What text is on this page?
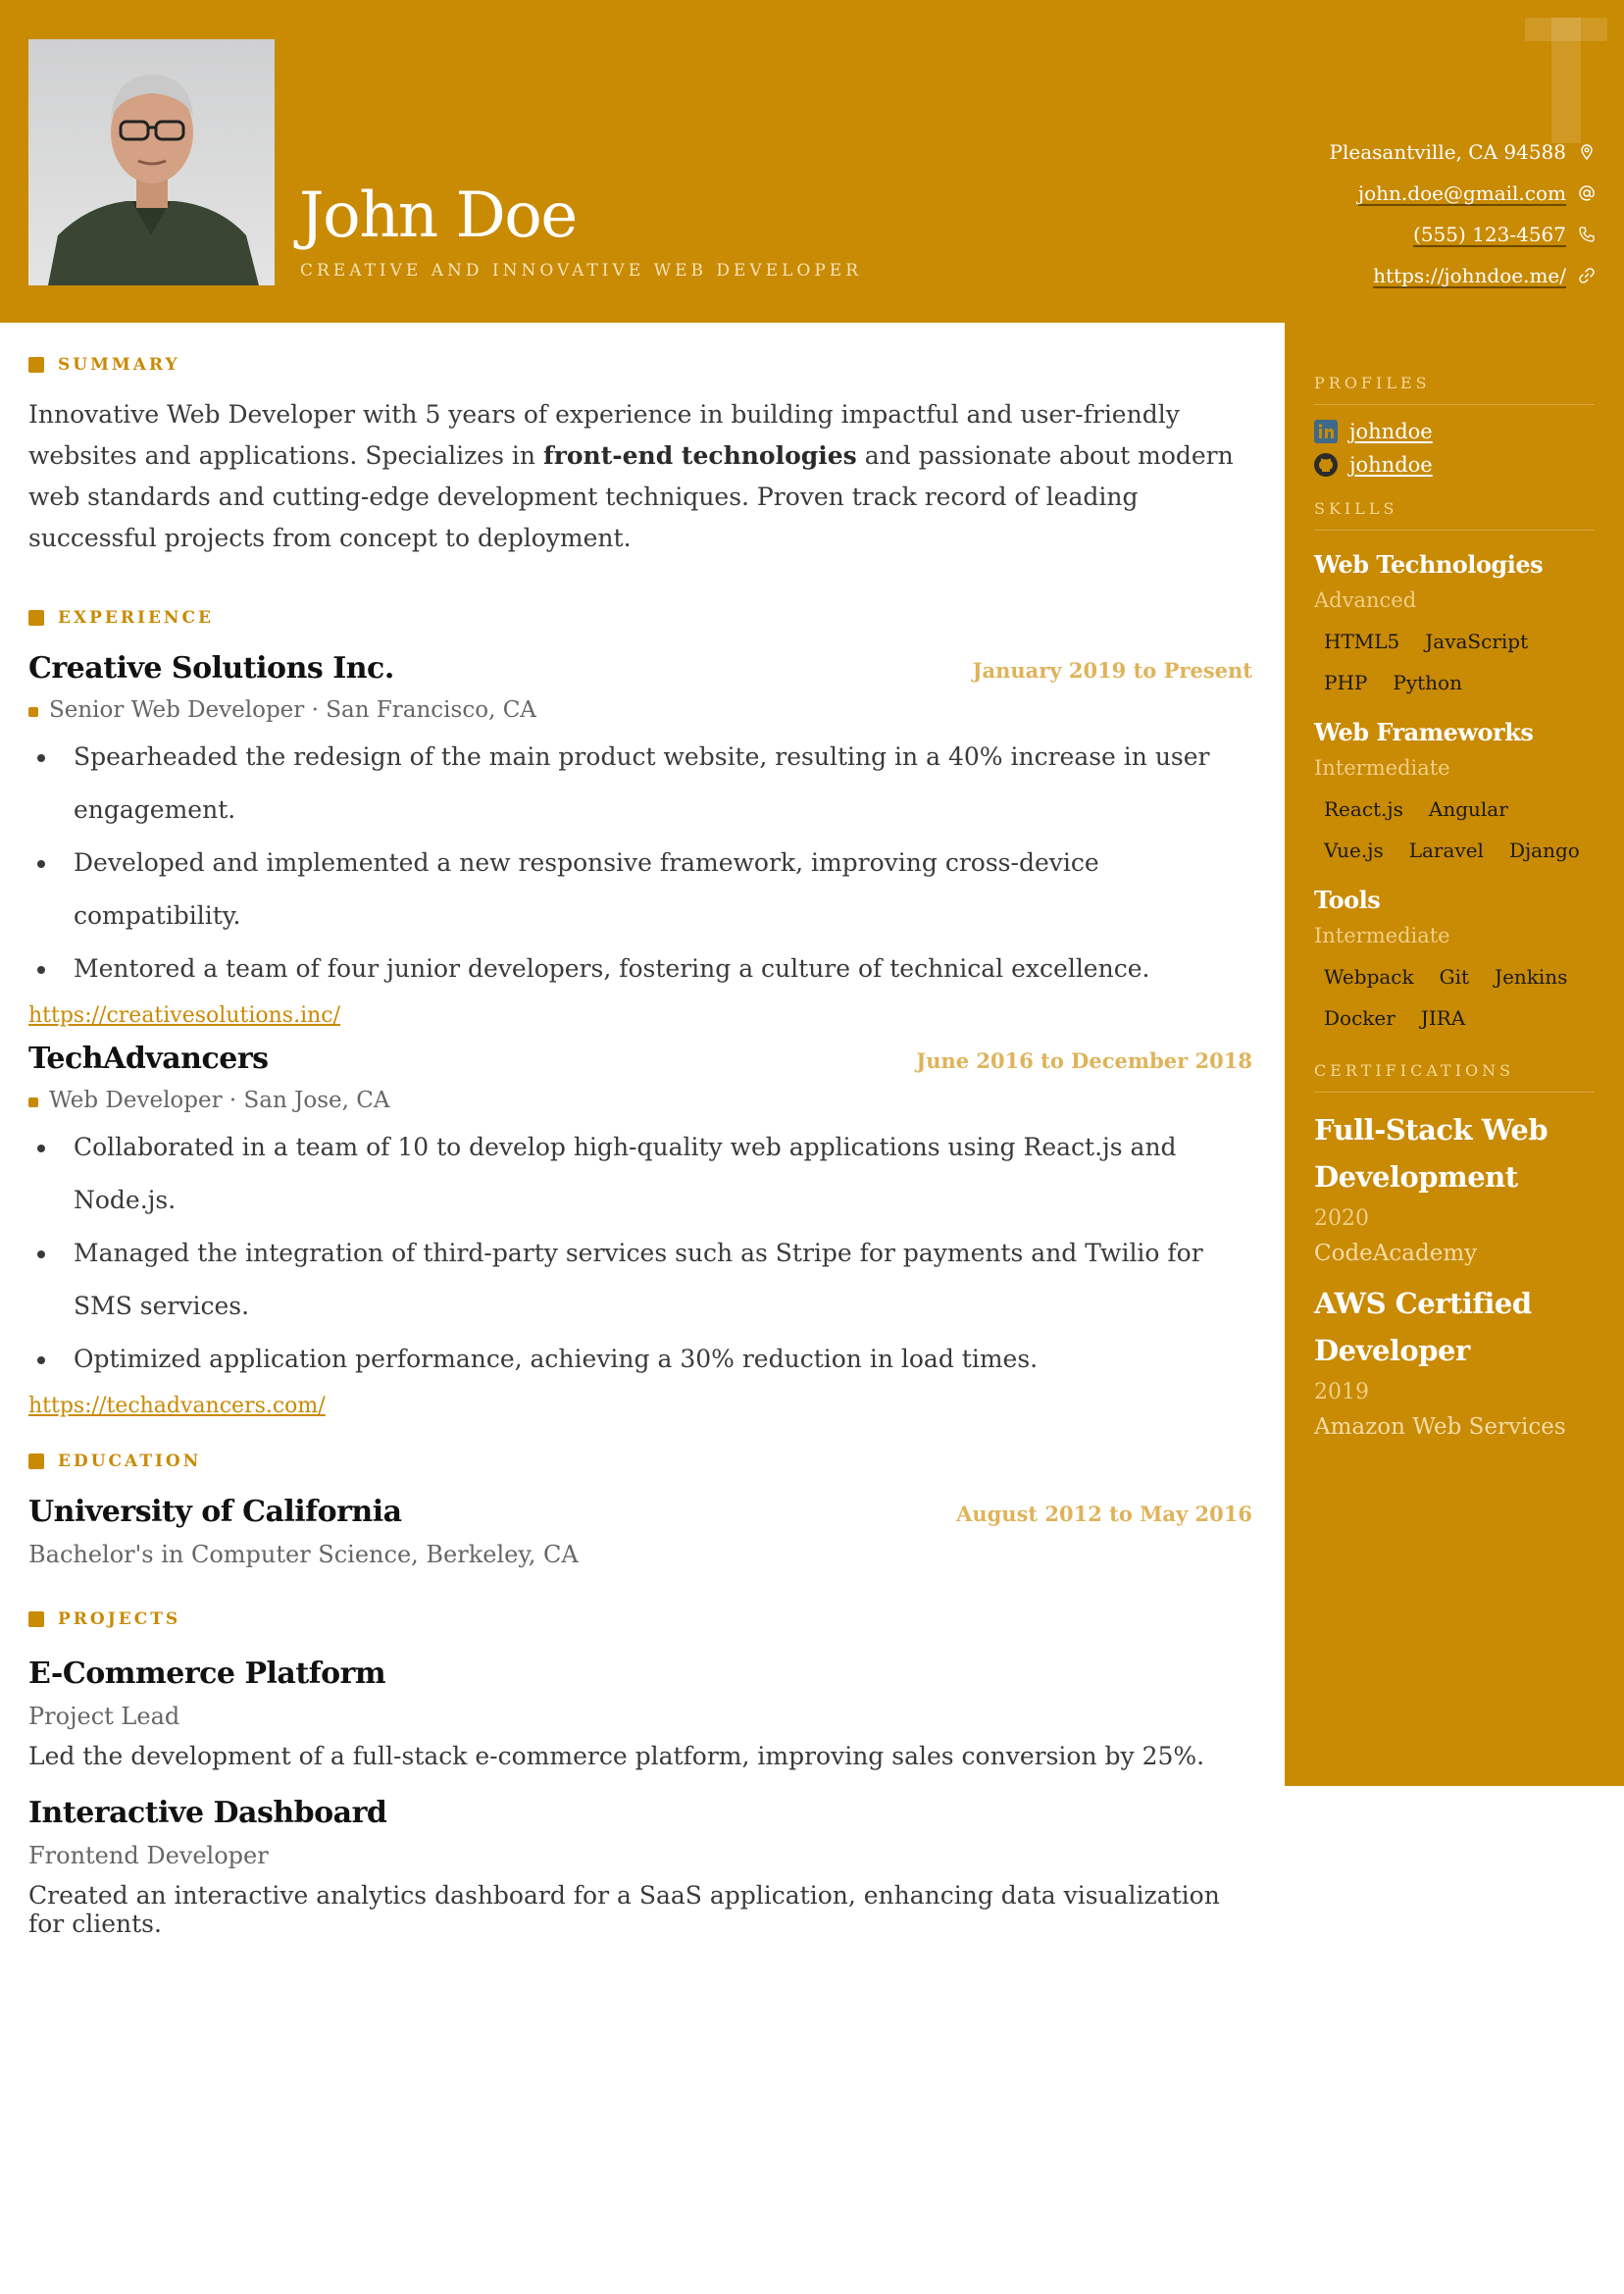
John Doe
CREATIVE AND INNOVATIVE WEB DEVELOPER
Pleasantville, CA 94588
john.doe@gmail.com
(555) 123-4567
https://johndoe.me/
SUMMARY

Innovative Web Developer with 5 years of experience in building impactful and user-friendly websites and applications. Specializes in front-end technologies and passionate about modern web standards and cutting-edge development techniques. Proven track record of leading successful projects from concept to deployment.

EXPERIENCE
Creative Solutions Inc.	January 2019 to Present
Senior Web Developer
·
San Francisco, CA
Spearheaded the redesign of the main product website, resulting in a 40% increase in user engagement.
Developed and implemented a new responsive framework, improving cross-device compatibility.
Mentored a team of four junior developers, fostering a culture of technical excellence.
https://creativesolutions.inc/
TechAdvancers	June 2016 to December 2018
Web Developer
·
San Jose, CA
Collaborated in a team of 10 to develop high-quality web applications using React.js and Node.js.
Managed the integration of third-party services such as Stripe for payments and Twilio for SMS services.
Optimized application performance, achieving a 30% reduction in load times.
https://techadvancers.com/
EDUCATION
University of California	August 2012 to May 2016
Bachelor's in Computer Science, Berkeley, CA
PROJECTS
E-Commerce Platform
Project Lead
Led the development of a full-stack e-commerce platform, improving sales conversion by 25%.
Interactive Dashboard
Frontend Developer
Created an interactive analytics dashboard for a SaaS application, enhancing data visualization for clients.
PROFILES
johndoe
johndoe
SKILLS
Web Technologies
Advanced
HTML5	JavaScript
PHP	Python
Web Frameworks
Intermediate
React.js	Angular
Vue.js	Laravel	Django
Tools
Intermediate
Webpack	Git	Jenkins
Docker	JIRA
CERTIFICATIONS
Full-Stack Web Development
2020
CodeAcademy
AWS Certified Developer
2019
Amazon Web Services
